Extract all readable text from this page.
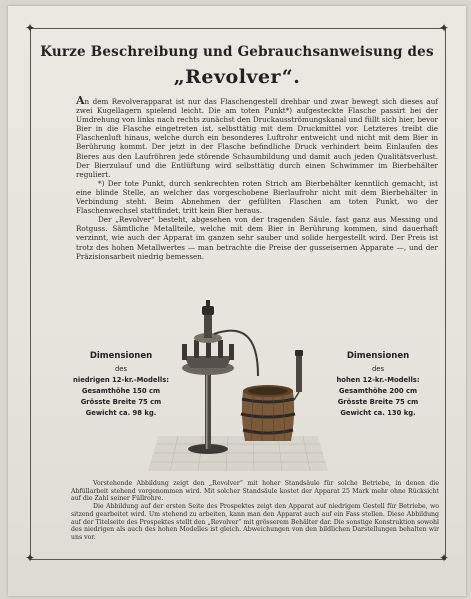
✦	✦
✦	✦
Kurze Beschreibung und Gebrauchsanweisung des
„Revolver“.

An dem Revolverapparat ist nur das Flaschengestell drehbar und zwar bewegt sich dieses auf zwei Kugellagern spielend leicht. Die am toten Punkt*) aufgesteckte Flasche passirt bei der Umdrehung von links nach rechts zunächst den Druckausströmungskanal und füllt sich hier, bevor Bier in die Flasche eingetreten ist, selbsttätig mit dem Druckmittel vor. Letzteres treibt die Flaschenluft hinaus, welche durch ein besonderes Luftrohr entweicht und nicht mit dem Bier in Berührung kommt. Der jetzt in der Flasche befindliche Druck verhindert beim Einlaufen des Bieres aus den Laufröhren jede störende Schaumbildung und damit auch jeden Qualitätsverlust. Der Bierzulauf und die Entlüftung wird selbsttätig durch einen Schwimmer im Bierbehälter reguliert.

*) Der tote Punkt, durch senkrechten roten Strich am Bierbehälter kenntlich gemacht, ist eine blinde Stelle, an welcher das vorgeschobene Bierlaufrohr nicht mit dem Bierbehälter in Verbindung steht. Beim Abnehmen der gefüllten Flaschen am toten Punkt, wo der Flaschenwechsel stattfindet, tritt kein Bier heraus.

Der „Revolver“ besteht, abgesehen von der tragenden Säule, fast ganz aus Messing und Rotguss. Sämtliche Metallteile, welche mit dem Bier in Berührung kommen, sind dauerhaft verzinnt, wie auch der Apparat im ganzen sehr sauber und solide hergestellt wird. Der Preis ist trotz des hohen Metallwertes — man betrachte die Preise der gusseisernen Apparate —, und der Präzisionsarbeit niedrig bemessen.

Dimensionen
des
niedrigen 12-kr.-Modells:
Gesamthöhe 150 cm
Grösste Breite 75 cm
Gewicht ca. 98 kg.
Dimensionen
des
hohen 12-kr.-Modells:
Gesamthöhe 200 cm
Grösste Breite 75 cm
Gewicht ca. 130 kg.

Vorstehende Abbildung zeigt den „Revolver“ mit hoher Standsäule für solche Betriebe, in denen die Abfüllarbeit stehend vorgenommen wird. Mit solcher Standsäule kostet der Apparat 25 Mark mehr ohne Rücksicht auf die Zahl seiner Füllrohre.

Die Abbildung auf der ersten Seite des Prospektes zeigt den Apparat auf niedrigem Gestell für Betriebe, wo sitzend gearbeitet wird. Um stehend zu arbeiten, kann man den Apparat auch auf ein Fass stellen. Diese Abbildung auf der Titelseite des Prospektes stellt den „Revolver“ mit grösserem Behälter dar. Die sonstige Konstruktion sowohl des niedrigen als auch des hohen Modelles ist gleich. Abweichungen von den bildlichen Darstellungen behalten wir uns vor.
